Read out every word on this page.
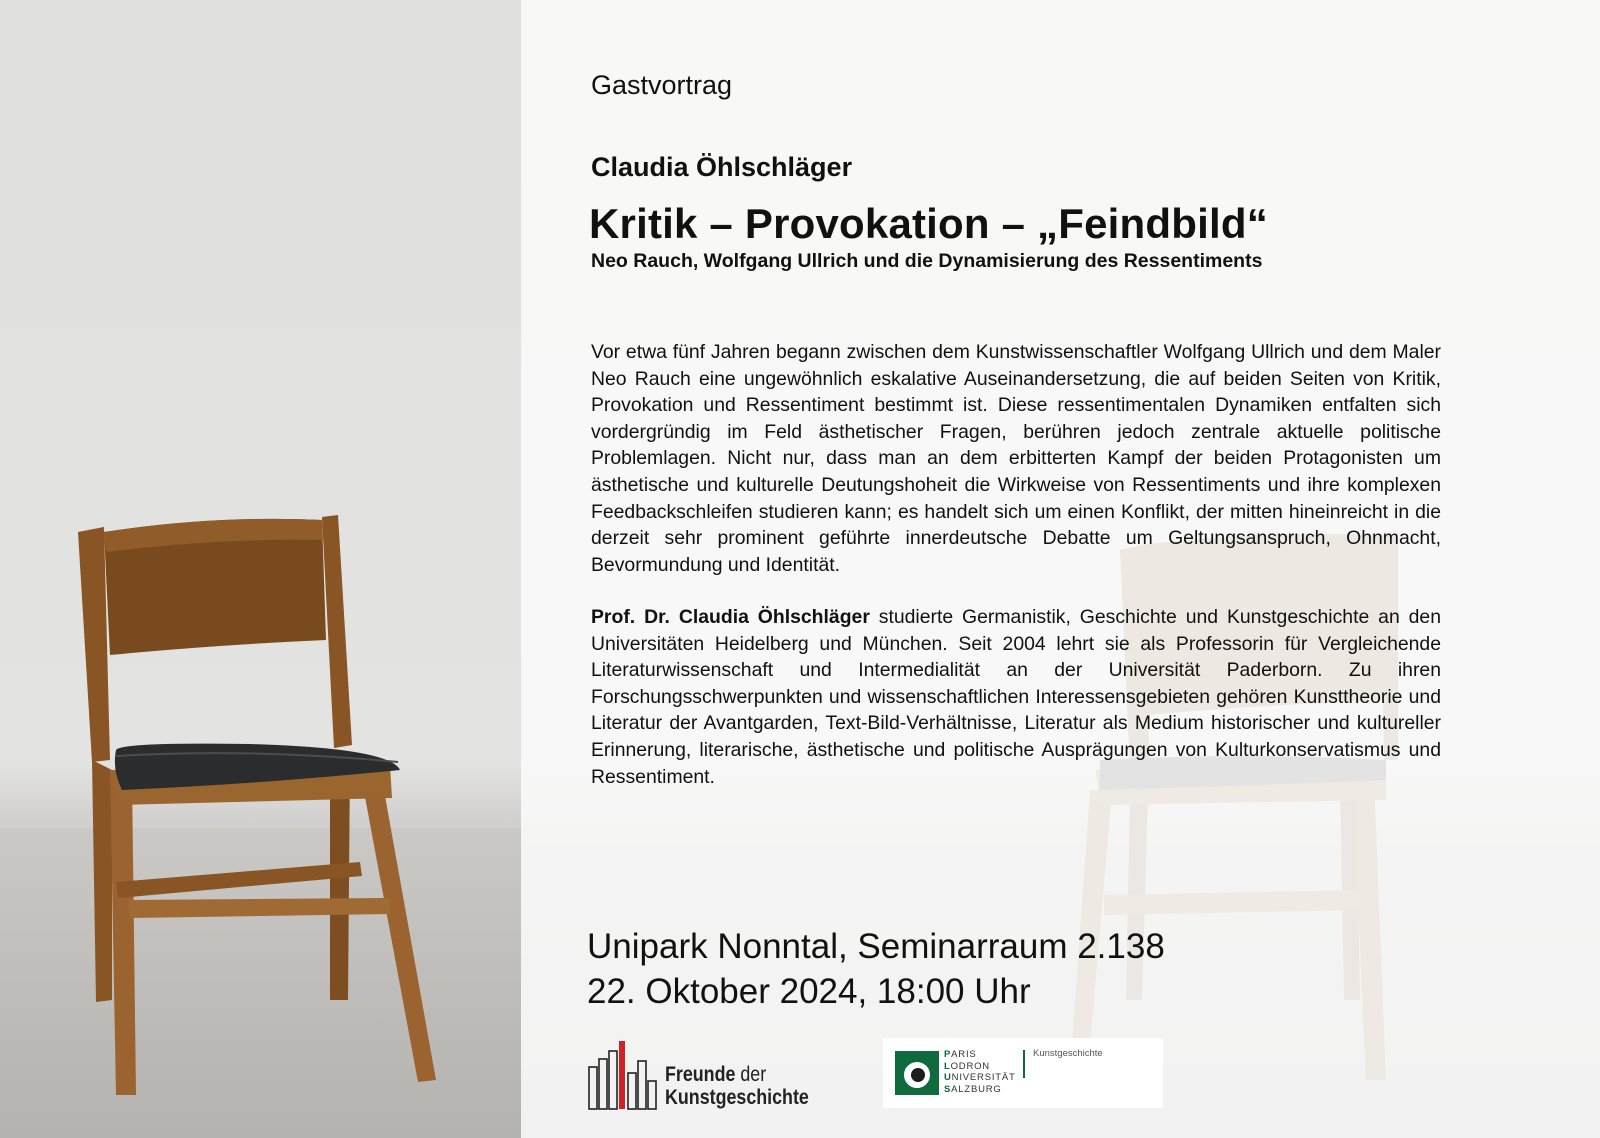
Gastvortrag
Claudia Öhlschläger
Kritik – Provokation – „Feindbild“
Neo Rauch, Wolfgang Ullrich und die Dynamisierung des Ressentiments
Vor etwa fünf Jahren begann zwischen dem Kunstwissenschaftler Wolfgang Ullrich und dem Maler Neo Rauch eine ungewöhnlich eskalative Auseinandersetzung, die auf beiden Seiten von Kritik, Provokation und Ressentiment bestimmt ist. Diese ressentimentalen Dynamiken entfalten sich vordergründig im Feld ästhetischer Fragen, berühren jedoch zentrale aktuelle politische Problemlagen. Nicht nur, dass man an dem erbitterten Kampf der beiden Protagonisten um ästhetische und kulturelle Deutungshoheit die Wirkweise von Ressentiments und ihre komplexen Feedbackschleifen studieren kann; es handelt sich um einen Konflikt, der mitten hineinreicht in die derzeit sehr prominent geführte innerdeutsche Debatte um Geltungsanspruch, Ohnmacht, Bevormundung und Identität.
Prof. Dr. Claudia Öhlschläger studierte Germanistik, Geschichte und Kunstgeschichte an den Universitäten Heidelberg und München. Seit 2004 lehrt sie als Professorin für Vergleichende Literaturwissenschaft und Intermedialität an der Universität Paderborn. Zu ihren Forschungsschwerpunkten und wissenschaftlichen Interessensgebieten gehören Kunsttheorie und Literatur der Avantgarden, Text-Bild-Verhältnisse, Literatur als Medium historischer und kultureller Erinnerung, literarische, ästhetische und politische Ausprägungen von Kulturkonservatismus und Ressentiment.
Unipark Nonntal, Seminarraum 2.138
22. Oktober 2024, 18:00 Uhr
Freunde der
Kunstgeschichte
PARIS
LODRON
UNIVERSITÄT
SALZBURG
Kunstgeschichte
